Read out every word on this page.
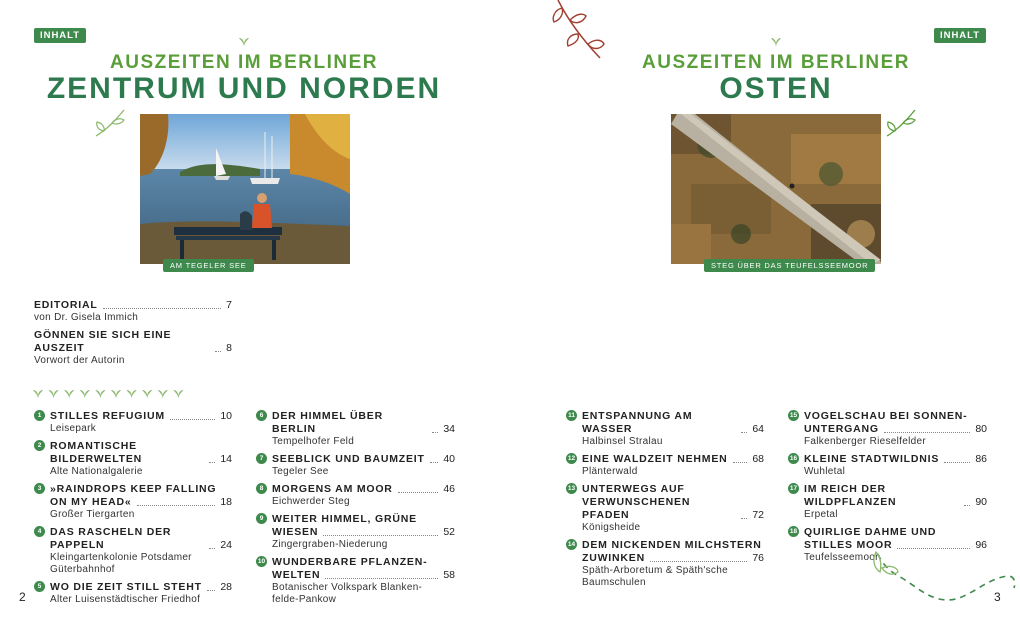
INHALT
AUSZEITEN IM BERLINER
ZENTRUM UND NORDEN
AM TEGELER SEE
EDITORIAL	7
von Dr. Gisela Immich
GÖNNEN SIE SICH EINE AUSZEIT	8
Vorwort der Autorin
1 STILLES REFUGIUM	10
Leisepark
2 ROMANTISCHE BILDERWELTEN	14
Alte Nationalgalerie
3 »RAINDROPS KEEP FALLING
ON MY HEAD«	18
Großer Tiergarten
4 DAS RASCHELN DER PAPPELN	24
Kleingartenkolonie Potsdamer Güterbahnhof
5 WO DIE ZEIT STILL STEHT 28
Alter Luisenstädtischer Friedhof
6 DER HIMMEL ÜBER BERLIN	34
Tempelhofer Feld
7 SEEBLICK UND BAUMZEIT 40
Tegeler See
8 MORGENS AM MOOR	46
Eichwerder Steg
9 WEITER HIMMEL, GRÜNE
WIESEN	52
Zingergraben-Niederung
10 WUNDERBARE PFLANZEN-
WELTEN	58
Botanischer Volkspark Blanken-felde-Pankow
2
INHALT
AUSZEITEN IM BERLINER
OSTEN
STEG ÜBER DAS TEUFELSSEEMOOR
11 ENTSPANNUNG AM WASSER	64
Halbinsel Stralau
12 EINE WALDZEIT NEHMEN 68
Plänterwald
13 UNTERWEGS AUF
VERWUNSCHENEN PFADEN	72
Königsheide
14 DEM NICKENDEN MILCHSTERN
ZUWINKEN	76
Späth-Arboretum & Späth'sche Baumschulen
15 VOGELSCHAU BEI SONNEN-
UNTERGANG	80
Falkenberger Rieselfelder
16 KLEINE STADTWILDNIS	86
Wuhletal
17 IM REICH DER WILDPFLANZEN	90
Erpetal
18 QUIRLIGE DAHME UND
STILLES MOOR	96
Teufelsseemoor
3
